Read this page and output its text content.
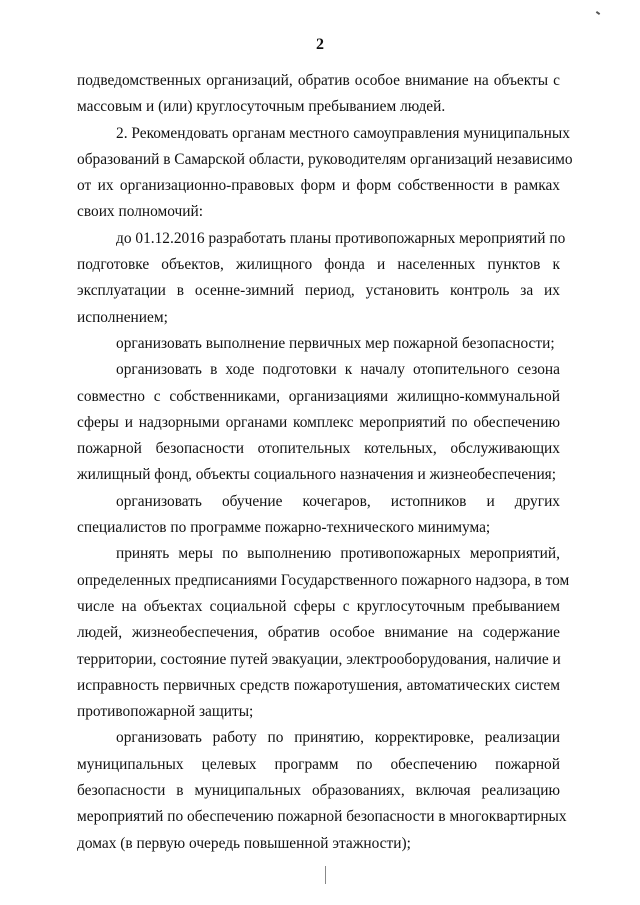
2
подведомственных организаций, обратив особое внимание на объекты с
массовым и (или) круглосуточным пребыванием людей.
2. Рекомендовать органам местного самоуправления муниципальных
образований в Самарской области, руководителям организаций независимо
от их организационно-правовых форм и форм собственности в рамках
своих полномочий:
до 01.12.2016 разработать планы противопожарных мероприятий по
подготовке объектов, жилищного фонда и населенных пунктов к
эксплуатации в осенне-зимний период, установить контроль за их
исполнением;
организовать выполнение первичных мер пожарной безопасности;
организовать в ходе подготовки к началу отопительного сезона
совместно с собственниками, организациями жилищно-коммунальной
сферы и надзорными органами комплекс мероприятий по обеспечению
пожарной безопасности отопительных котельных, обслуживающих
жилищный фонд, объекты социального назначения и жизнеобеспечения;
организовать обучение кочегаров, истопников и других
специалистов по программе пожарно-технического минимума;
принять меры по выполнению противопожарных мероприятий,
определенных предписаниями Государственного пожарного надзора, в том
числе на объектах социальной сферы с круглосуточным пребыванием
людей, жизнеобеспечения, обратив особое внимание на содержание
территории, состояние путей эвакуации, электрооборудования, наличие и
исправность первичных средств пожаротушения, автоматических систем
противопожарной защиты;
организовать работу по принятию, корректировке, реализации
муниципальных целевых программ по обеспечению пожарной
безопасности в муниципальных образованиях, включая реализацию
мероприятий по обеспечению пожарной безопасности в многоквартирных
домах (в первую очередь повышенной этажности);
